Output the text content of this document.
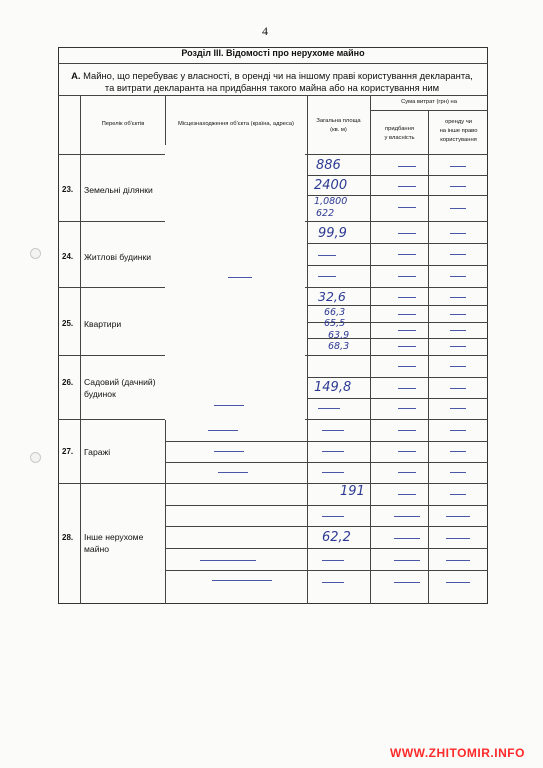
4
Розділ ІІІ. Відомості про нерухоме майно
А. Майно, що перебуває у власності, в оренді чи на іншому праві користування декларанта,
та витрати декларанта на придбання такого майна або на користування ним
Перелік об'єктів	Місцезнаходження об'єкта (країна, адреса)	Загальна площа
(кв. м)
Сума витрат (грн) на
придбання
у власність
оренду чи
на інше право
користування
23. Земельні ділянки
24. Житлові будинки
25. Квартири
26. Садовий (дачний)
будинок
27. Гаражі
28. Інше нерухоме
майно
886
2400
1,0800
622
99,9
32,6
66,3
65,5
63,9
68,3
149,8
191
62,2
WWW.ZHITOMIR.INFO
